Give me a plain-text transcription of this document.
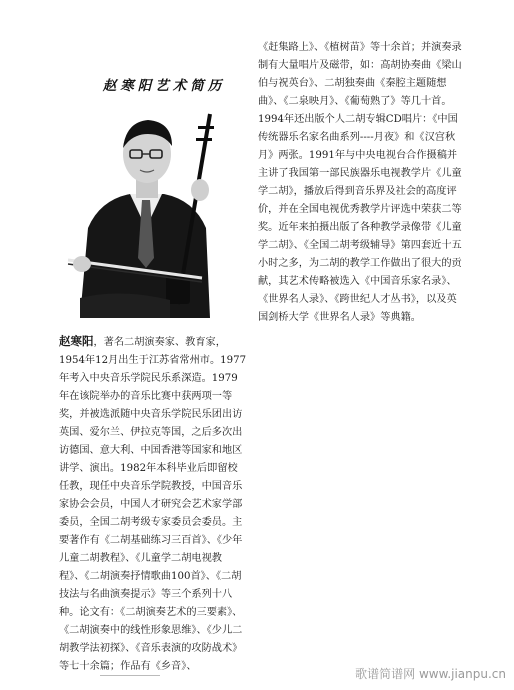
赵寒阳艺术简历

赵寒阳，著名二胡演奏家、教育家，1954年12月出生于江苏省常州市。1977年考入中央音乐学院民乐系深造。1979年在该院举办的音乐比赛中获两项一等奖，并被选派随中央音乐学院民乐团出访英国、爱尔兰、伊拉克等国，之后多次出访德国、意大利、中国香港等国家和地区讲学、演出。1982年本科毕业后即留校任教，现任中央音乐学院教授，中国音乐家协会会员，中国人才研究会艺术家学部委员，全国二胡考级专家委员会委员。主要著作有《二胡基础练习三百首》、《少年儿童二胡教程》、《儿童学二胡电视教程》、《二胡演奏抒情歌曲100首》、《二胡技法与名曲演奏提示》等三个系列十八种。论文有：《二胡演奏艺术的三要素》、《二胡演奏中的线性形象思维》、《少儿二胡教学法初探》、《音乐表演的攻防战术》等七十余篇；作品有《乡音》、

《赶集路上》、《植树苗》等十余首；并演奏录制有大量唱片及磁带，如：高胡协奏曲《梁山伯与祝英台》、二胡独奏曲《秦腔主题随想曲》、《二泉映月》、《葡萄熟了》等几十首。1994年还出版个人二胡专辑CD唱片：《中国传统器乐名家名曲系列----月夜》和《汉宫秋月》两张。1991年与中央电视台合作摄稿并主讲了我国第一部民族器乐电视教学片《儿童学二胡》，播放后得到音乐界及社会的高度评价，并在全国电视优秀教学片评选中荣获二等奖。近年来拍摄出版了各种教学录像带《儿童学二胡》、《全国二胡考级辅导》第四套近十五小时之多，为二胡的教学工作做出了很大的贡献，其艺术传略被选入《中国音乐家名录》、《世界名人录》、《跨世纪人才丛书》，以及英国剑桥大学《世界名人录》等典籍。

歌谱简谱网 www.jianpu.cn
